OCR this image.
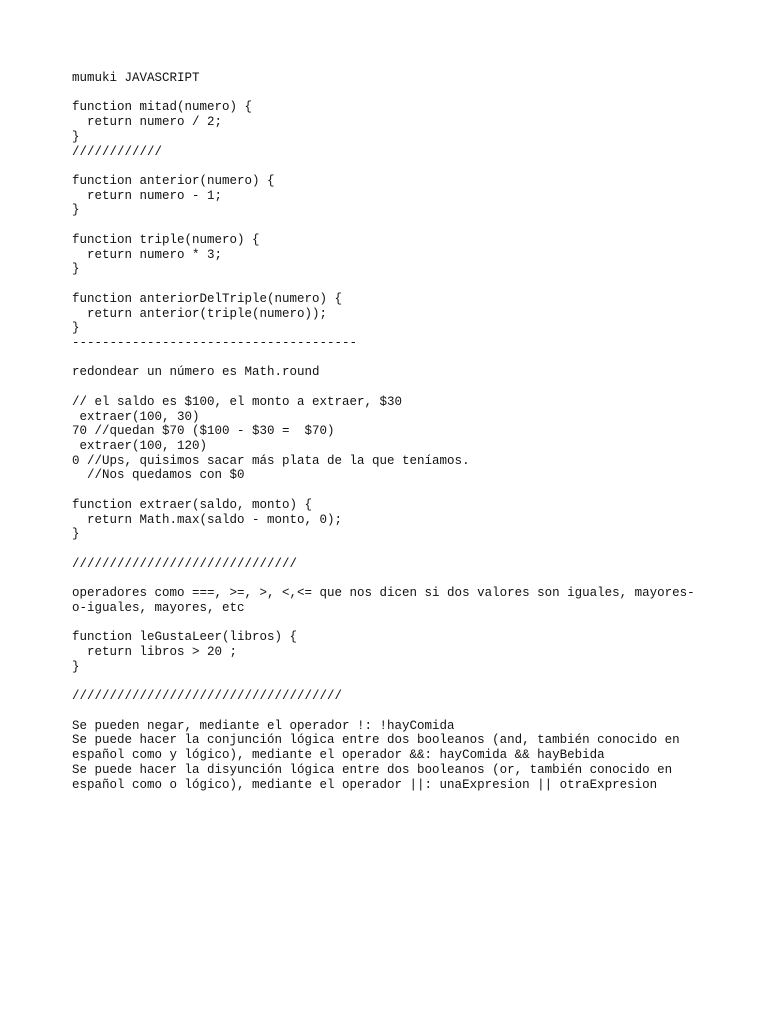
mumuki JAVASCRIPT
function mitad(numero) {
return numero / 2;
}
////////////
function anterior(numero) {
return numero - 1;
}
function triple(numero) {
return numero * 3;
}
function anteriorDelTriple(numero) {
return anterior(triple(numero));
}
--------------------------------------
redondear un número es Math.round
// el saldo es $100, el monto a extraer, $30
extraer(100, 30)
70 //quedan $70 ($100 - $30 =  $70)
extraer(100, 120)
0 //Ups, quisimos sacar más plata de la que teníamos.
//Nos quedamos con $0
function extraer(saldo, monto) {
return Math.max(saldo - monto, 0);
}
//////////////////////////////
operadores como ===, >=, >, <,<= que nos dicen si dos valores son iguales, mayores-
o-iguales, mayores, etc
function leGustaLeer(libros) {
return libros > 20 ;
}
////////////////////////////////////
Se pueden negar, mediante el operador !: !hayComida
Se puede hacer la conjunción lógica entre dos booleanos (and, también conocido en
español como y lógico), mediante el operador &&: hayComida && hayBebida
Se puede hacer la disyunción lógica entre dos booleanos (or, también conocido en
español como o lógico), mediante el operador ||: unaExpresion || otraExpresion
